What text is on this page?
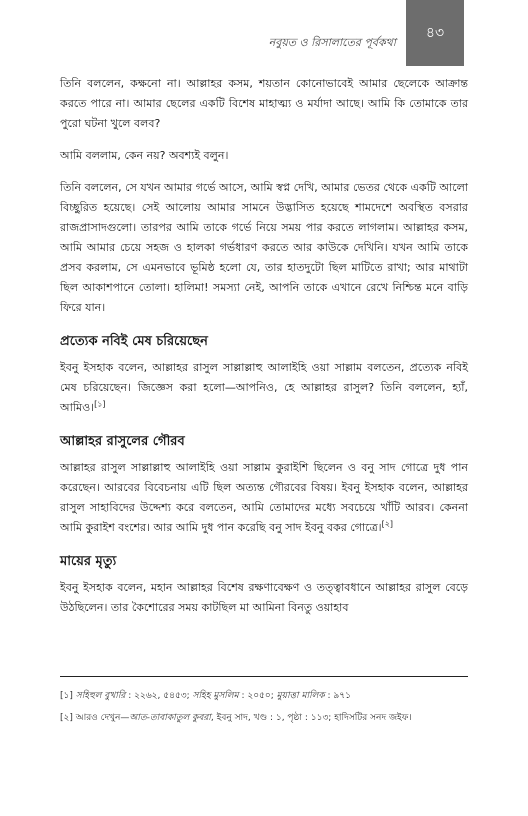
৪৩
নবুয়ত ও রিসালাতের পূর্বকথা

তিনি বললেন, কক্ষনো না। আল্লাহর কসম, শয়তান কোনোভাবেই আমার ছেলেকে আক্রান্ত করতে পারে না। আমার ছেলের একটি বিশেষ মাহাত্ম্য ও মর্যাদা আছে। আমি কি তোমাকে তার পুরো ঘটনা খুলে বলব?

আমি বললাম, কেন নয়? অবশ্যই বলুন।

তিনি বললেন, সে যখন আমার গর্ভে আসে, আমি স্বপ্ন দেখি, আমার ভেতর থেকে একটি আলো বিচ্ছুরিত হয়েছে। সেই আলোয় আমার সামনে উদ্ভাসিত হয়েছে শামদেশে অবস্থিত বসরার রাজপ্রাসাদগুলো। তারপর আমি তাকে গর্ভে নিয়ে সময় পার করতে লাগলাম। আল্লাহর কসম, আমি আমার চেয়ে সহজ ও হালকা গর্ভধারণ করতে আর কাউকে দেখিনি। যখন আমি তাকে প্রসব করলাম, সে এমনভাবে ভূমিষ্ঠ হলো যে, তার হাতদুটো ছিল মাটিতে রাখা; আর মাথাটা ছিল আকাশপানে তোলা। হালিমা! সমস্যা নেই, আপনি তাকে এখানে রেখে নিশ্চিন্ত মনে বাড়ি ফিরে যান।

প্রত্যেক নবিই মেষ চরিয়েছেন

ইবনু ইসহাক বলেন, আল্লাহর রাসুল সাল্লাল্লাহু আলাইহি ওয়া সাল্লাম বলতেন, প্রত্যেক নবিই মেষ চরিয়েছেন। জিজ্ঞেস করা হলো—আপনিও, হে আল্লাহর রাসুল? তিনি বললেন, হ্যাঁ, আমিও।[১]

আল্লাহর রাসুলের গৌরব

আল্লাহর রাসুল সাল্লাল্লাহু আলাইহি ওয়া সাল্লাম কুরাইশি ছিলেন ও বনু সাদ গোত্রে দুধ পান করেছেন। আরবের বিবেচনায় এটি ছিল অত্যন্ত গৌরবের বিষয়। ইবনু ইসহাক বলেন, আল্লাহর রাসুল সাহাবিদের উদ্দেশ্য করে বলতেন, আমি তোমাদের মধ্যে সবচেয়ে খাঁটি আরব। কেননা আমি কুরাইশ বংশের। আর আমি দুধ পান করেছি বনু সাদ ইবনু বকর গোত্রে।[২]

মায়ের মৃত্যু

ইবনু ইসহাক বলেন, মহান আল্লাহর বিশেষ রক্ষণাবেক্ষণ ও তত্ত্বাবধানে আল্লাহর রাসুল বেড়ে উঠছিলেন। তার কৈশোরের সময় কাটছিল মা আমিনা বিনতু ওয়াহাব

[১] সহিহুল বুখারি : ২২৬২, ৫৪৫৩; সহিহ মুসলিম : ২০৫০; মুয়াত্তা মালিক : ৯৭১
[২] আরও দেখুন—আত-তাবাকাতুল কুবরা, ইবনু সাদ, খণ্ড : ১, পৃষ্ঠা : ১১৩; হাদিসটির সনদ জইফ।
